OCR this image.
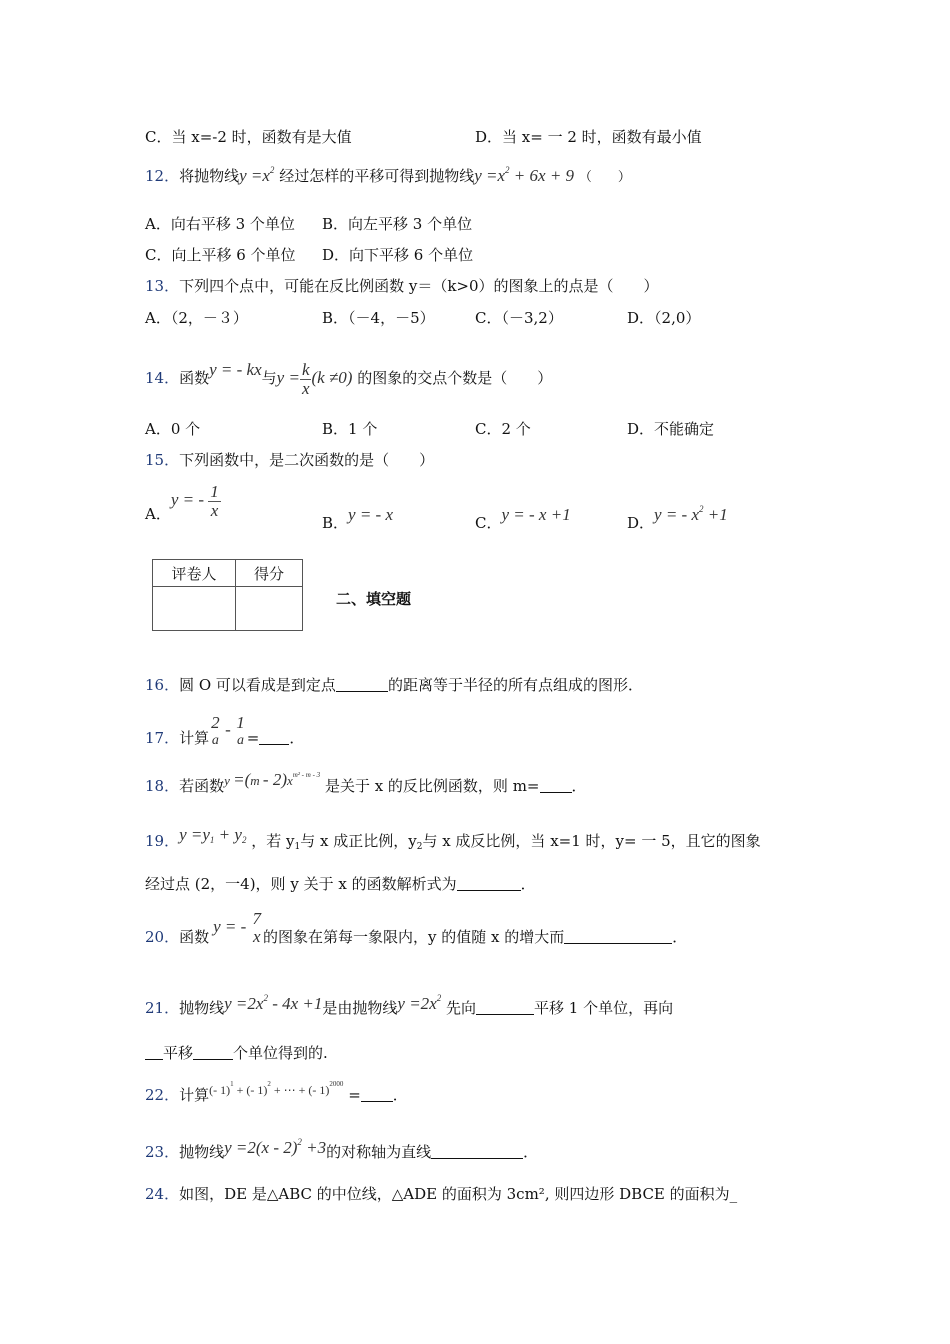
C．当 x=-2 时，函数有是大值	D．当 x= 一 2 时，函数有最小值
12．将抛物线$y =x^2$ 经过怎样的平移可得到抛物线$y =x^2 + 6x + 9$ （　　）
A．向右平移 3 个单位 B．向左平移 3 个单位
C．向上平移 6 个单位 D．向下平移 6 个单位
13．下列四个点中，可能在反比例函数 y＝（k>0）的图象上的点是（　　）
A．（2，－３）	B．（－4，－5）	C．（－3,2）	D．（2,0）
14．函数y = - kx与$y = \frac{k}{x} (k \ne 0)$ 的图象的交点个数是（　　）
A．0 个	B．1 个	C．2 个	D．不能确定
15．下列函数中，是二次函数的是（　　）
A．y = - $\frac{1}{x}$
B．y = - x	C．y = - x +1	D．y = - $x^2 +1$
评卷人	得分

二、填空题
16．圆 O 可以看成是到定点	的距离等于半径的所有点组成的图形．
17．计算
2
a
- 1
a = ．
18．若函数$y =(m - 2)x^{m^2 - m - 3}$ 是关于 x 的反比例函数，则 m= ．
19．$y =y_1 + y_2$ ，若 $y_1$与 x 成正比例，$y_2$与 x 成反比例，当 x=1 时，y= 一 5，且它的图象
经过点 (2，一4)，则 y 关于 x 的函数解析式为	．
20．函数y = - 7
x 的图象在第每一象限内，y 的值随 x 的增大而	．
21．抛物线$y =2x^2 - 4x +1$是由抛物线$y =2x^2$ 先向	平移 1 个单位，再向
平移	个单位得到的.
22．计算$^{(- 1)^1 + (- 1)^2 + \cdots + (- 1)^{2000}}$ = ．
23．抛物线y =2(x - 2)$^2$ +3的对称轴为直线	．
24．如图，DE 是△ABC 的中位线，△ADE 的面积为 3cm², 则四边形 DBCE 的面积为_
